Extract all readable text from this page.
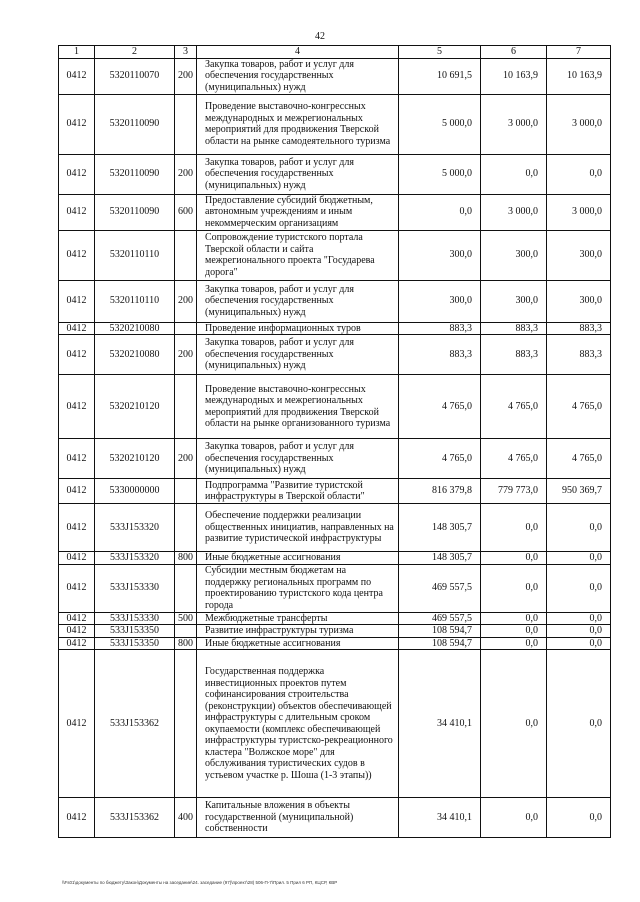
42
1	2	3	4	5	6	7
0412	5320110070	200	Закупка товаров, работ и услуг для обеспечения государственных (муниципальных) нужд	10 691,5	10 163,9	10 163,9
0412	5320110090		Проведение выставочно-конгрессных международных и межрегиональных мероприятий для продвижения Тверской области на рынке самодеятельного туризма	5 000,0	3 000,0	3 000,0
0412	5320110090	200	Закупка товаров, работ и услуг для обеспечения государственных (муниципальных) нужд	5 000,0	0,0	0,0
0412	5320110090	600	Предоставление субсидий бюджетным, автономным учреждениям и иным некоммерческим организациям	0,0	3 000,0	3 000,0
0412	5320110110		Сопровождение туристского портала Тверской области и сайта межрегионального проекта "Государева дорога"	300,0	300,0	300,0
0412	5320110110	200	Закупка товаров, работ и услуг для обеспечения государственных (муниципальных) нужд	300,0	300,0	300,0
0412	5320210080		Проведение информационных туров	883,3	883,3	883,3
0412	5320210080	200	Закупка товаров, работ и услуг для обеспечения государственных (муниципальных) нужд	883,3	883,3	883,3
0412	5320210120		Проведение выставочно-конгрессных международных и межрегиональных мероприятий для продвижения Тверской области на рынке организованного туризма	4 765,0	4 765,0	4 765,0
0412	5320210120	200	Закупка товаров, работ и услуг для обеспечения государственных (муниципальных) нужд	4 765,0	4 765,0	4 765,0
0412	5330000000		Подпрограмма "Развитие туристской инфраструктуры в Тверской области"	816 379,8	779 773,0	950 369,7
0412	533J153320		Обеспечение поддержки реализации общественных инициатив, направленных на развитие туристической инфраструктуры	148 305,7	0,0	0,0
0412	533J153320	800	Иные бюджетные ассигнования	148 305,7	0,0	0,0
0412	533J153330		Субсидии местным бюджетам на поддержку региональных программ по проектированию туристского кода центра города	469 557,5	0,0	0,0
0412	533J153330	500	Межбюджетные трансферты	469 557,5	0,0	0,0
0412	533J153350		Развитие инфраструктуры туризма	108 594,7	0,0	0,0
0412	533J153350	800	Иные бюджетные ассигнования	108 594,7	0,0	0,0
0412	533J153362		Государственная поддержка инвестиционных проектов путем софинансирования строительства (реконструкции) объектов обеспечивающей инфраструктуры с длительным сроком окупаемости (комплекс обеспечивающей инфраструктуры туристско-рекреационного кластера "Волжское море" для обслуживания туристических судов в устьевом участке р. Шоша (1-3 этапы))	34 410,1	0,0	0,0
0412	533J153362	400	Капитальные вложения в объекты государственной (муниципальной) собственности	34 410,1	0,0	0,0
\\Fs01\документы по бюджету\Закон\Документы на заседание\24. заседание (97)\проект\28) 506-П-7\Прил. 5 Прил 6 РП, КЦСР, КВР
